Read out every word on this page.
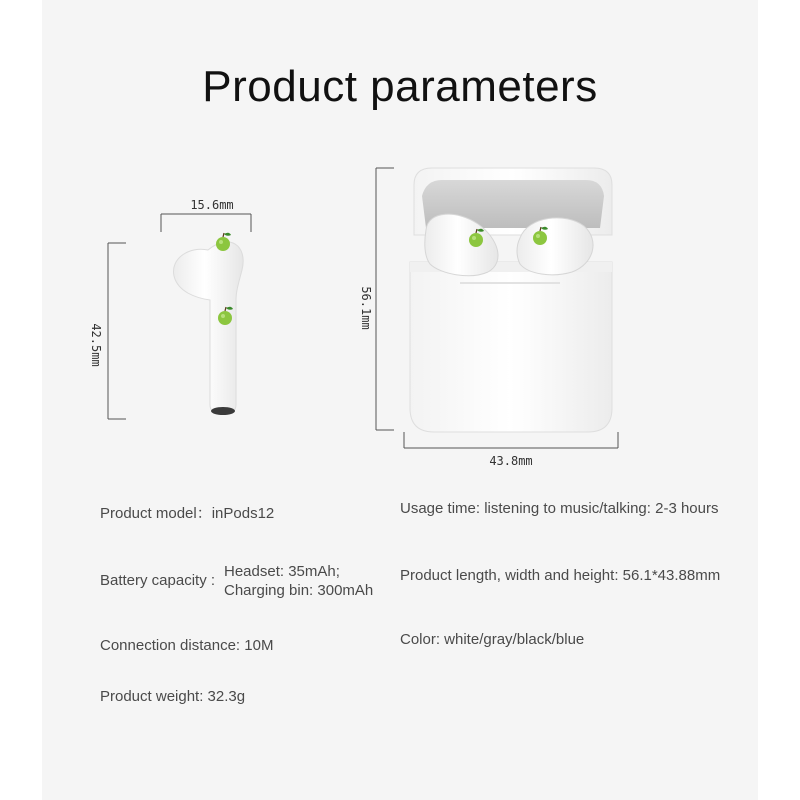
Product parameters
15.6mm
42.5mm
56.1mm
43.8mm
Product model：inPods12
Battery capacity :
Headset: 35mAh;
Charging bin: 300mAh
Connection distance: 10M
Product weight: 32.3g
Usage time: listening to music/talking: 2-3 hours
Product length, width and height: 56.1*43.88mm
Color: white/gray/black/blue
